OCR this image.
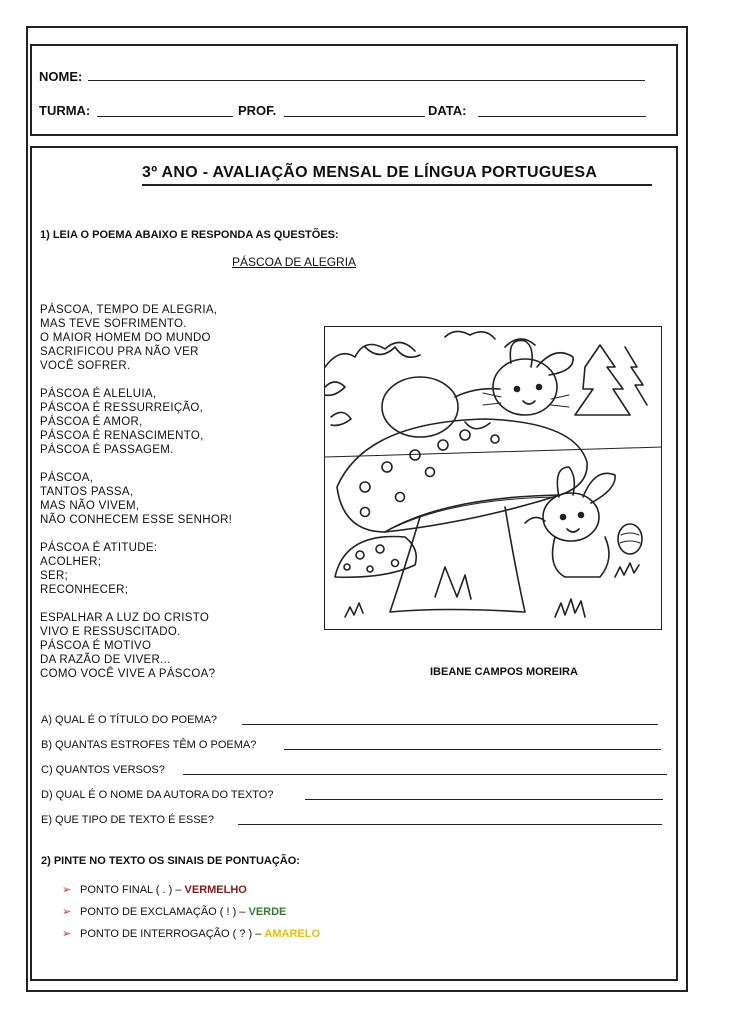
NOME:
TURMA:	PROF.	DATA:
3º ANO - AVALIAÇÃO MENSAL DE LÍNGUA PORTUGUESA
1) LEIA O POEMA ABAIXO E RESPONDA AS QUESTÕES:
PÁSCOA DE ALEGRIA
PÁSCOA, TEMPO DE ALEGRIA,
MAS TEVE SOFRIMENTO.
O MAIOR HOMEM DO MUNDO
SACRIFICOU PRA NÃO VER
VOCÊ SOFRER.
PÁSCOA É ALELUIA,
PÁSCOA É RESSURREIÇÃO,
PÁSCOA É AMOR,
PÁSCOA É RENASCIMENTO,
PÁSCOA É PASSAGEM.
PÁSCOA,
TANTOS PASSA,
MAS NÃO VIVEM,
NÃO CONHECEM ESSE SENHOR!
PÁSCOA É ATITUDE:
ACOLHER;
SER;
RECONHECER;
ESPALHAR A LUZ DO CRISTO
VIVO E RESSUSCITADO.
PÁSCOA É MOTIVO
DA RAZÃO DE VIVER...
COMO VOCÊ VIVE A PÁSCOA?	IBEANE CAMPOS MOREIRA
A) QUAL É O TÍTULO DO POEMA?
B) QUANTAS ESTROFES TÊM O POEMA?
C) QUANTOS VERSOS?
D) QUAL É O NOME DA AUTORA DO TEXTO?
E) QUE TIPO DE TEXTO É ESSE?
2) PINTE NO TEXTO OS SINAIS DE PONTUAÇÃO:
➢ PONTO FINAL ( . ) – VERMELHO
➢ PONTO DE EXCLAMAÇÃO ( ! ) – VERDE
➢ PONTO DE INTERROGAÇÃO ( ? ) – AMARELO
